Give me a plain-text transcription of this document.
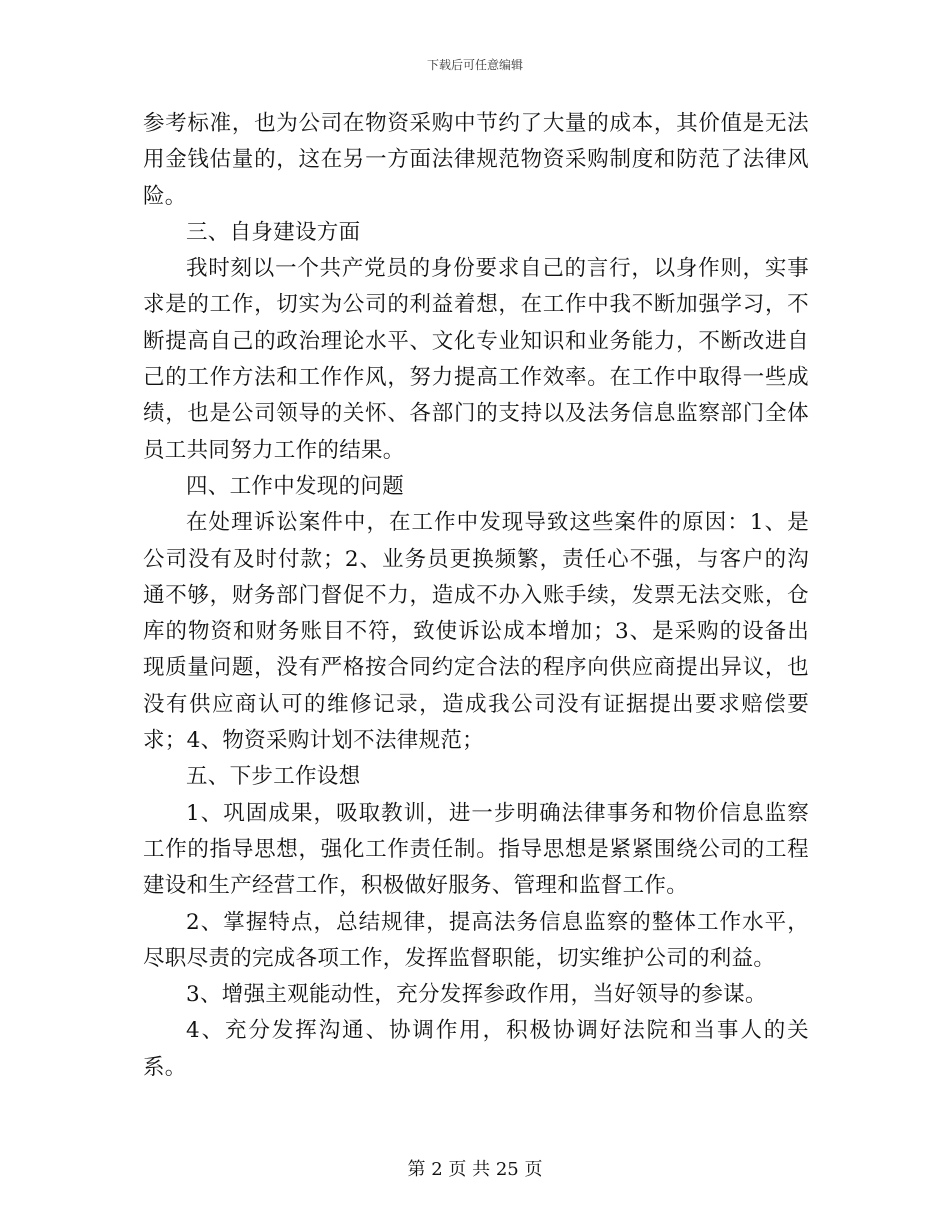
下载后可任意编辑

参考标准，也为公司在物资采购中节约了大量的成本，其价值是无法用金钱估量的，这在另一方面法律规范物资采购制度和防范了法律风险。

三、自身建设方面

我时刻以一个共产党员的身份要求自己的言行，以身作则，实事求是的工作，切实为公司的利益着想，在工作中我不断加强学习，不断提高自己的政治理论水平、文化专业知识和业务能力，不断改进自己的工作方法和工作作风，努力提高工作效率。在工作中取得一些成绩，也是公司领导的关怀、各部门的支持以及法务信息监察部门全体员工共同努力工作的结果。

四、工作中发现的问题

在处理诉讼案件中，在工作中发现导致这些案件的原因：1、是公司没有及时付款；2、业务员更换频繁，责任心不强，与客户的沟通不够，财务部门督促不力，造成不办入账手续，发票无法交账，仓库的物资和财务账目不符，致使诉讼成本增加；3、是采购的设备出现质量问题，没有严格按合同约定合法的程序向供应商提出异议，也没有供应商认可的维修记录，造成我公司没有证据提出要求赔偿要求；4、物资采购计划不法律规范；

五、下步工作设想

1、巩固成果，吸取教训，进一步明确法律事务和物价信息监察工作的指导思想，强化工作责任制。指导思想是紧紧围绕公司的工程建设和生产经营工作，积极做好服务、管理和监督工作。

2、掌握特点，总结规律，提高法务信息监察的整体工作水平，尽职尽责的完成各项工作，发挥监督职能，切实维护公司的利益。

3、增强主观能动性，充分发挥参政作用，当好领导的参谋。

4、充分发挥沟通、协调作用，积极协调好法院和当事人的关系。

第 2 页 共 25 页
